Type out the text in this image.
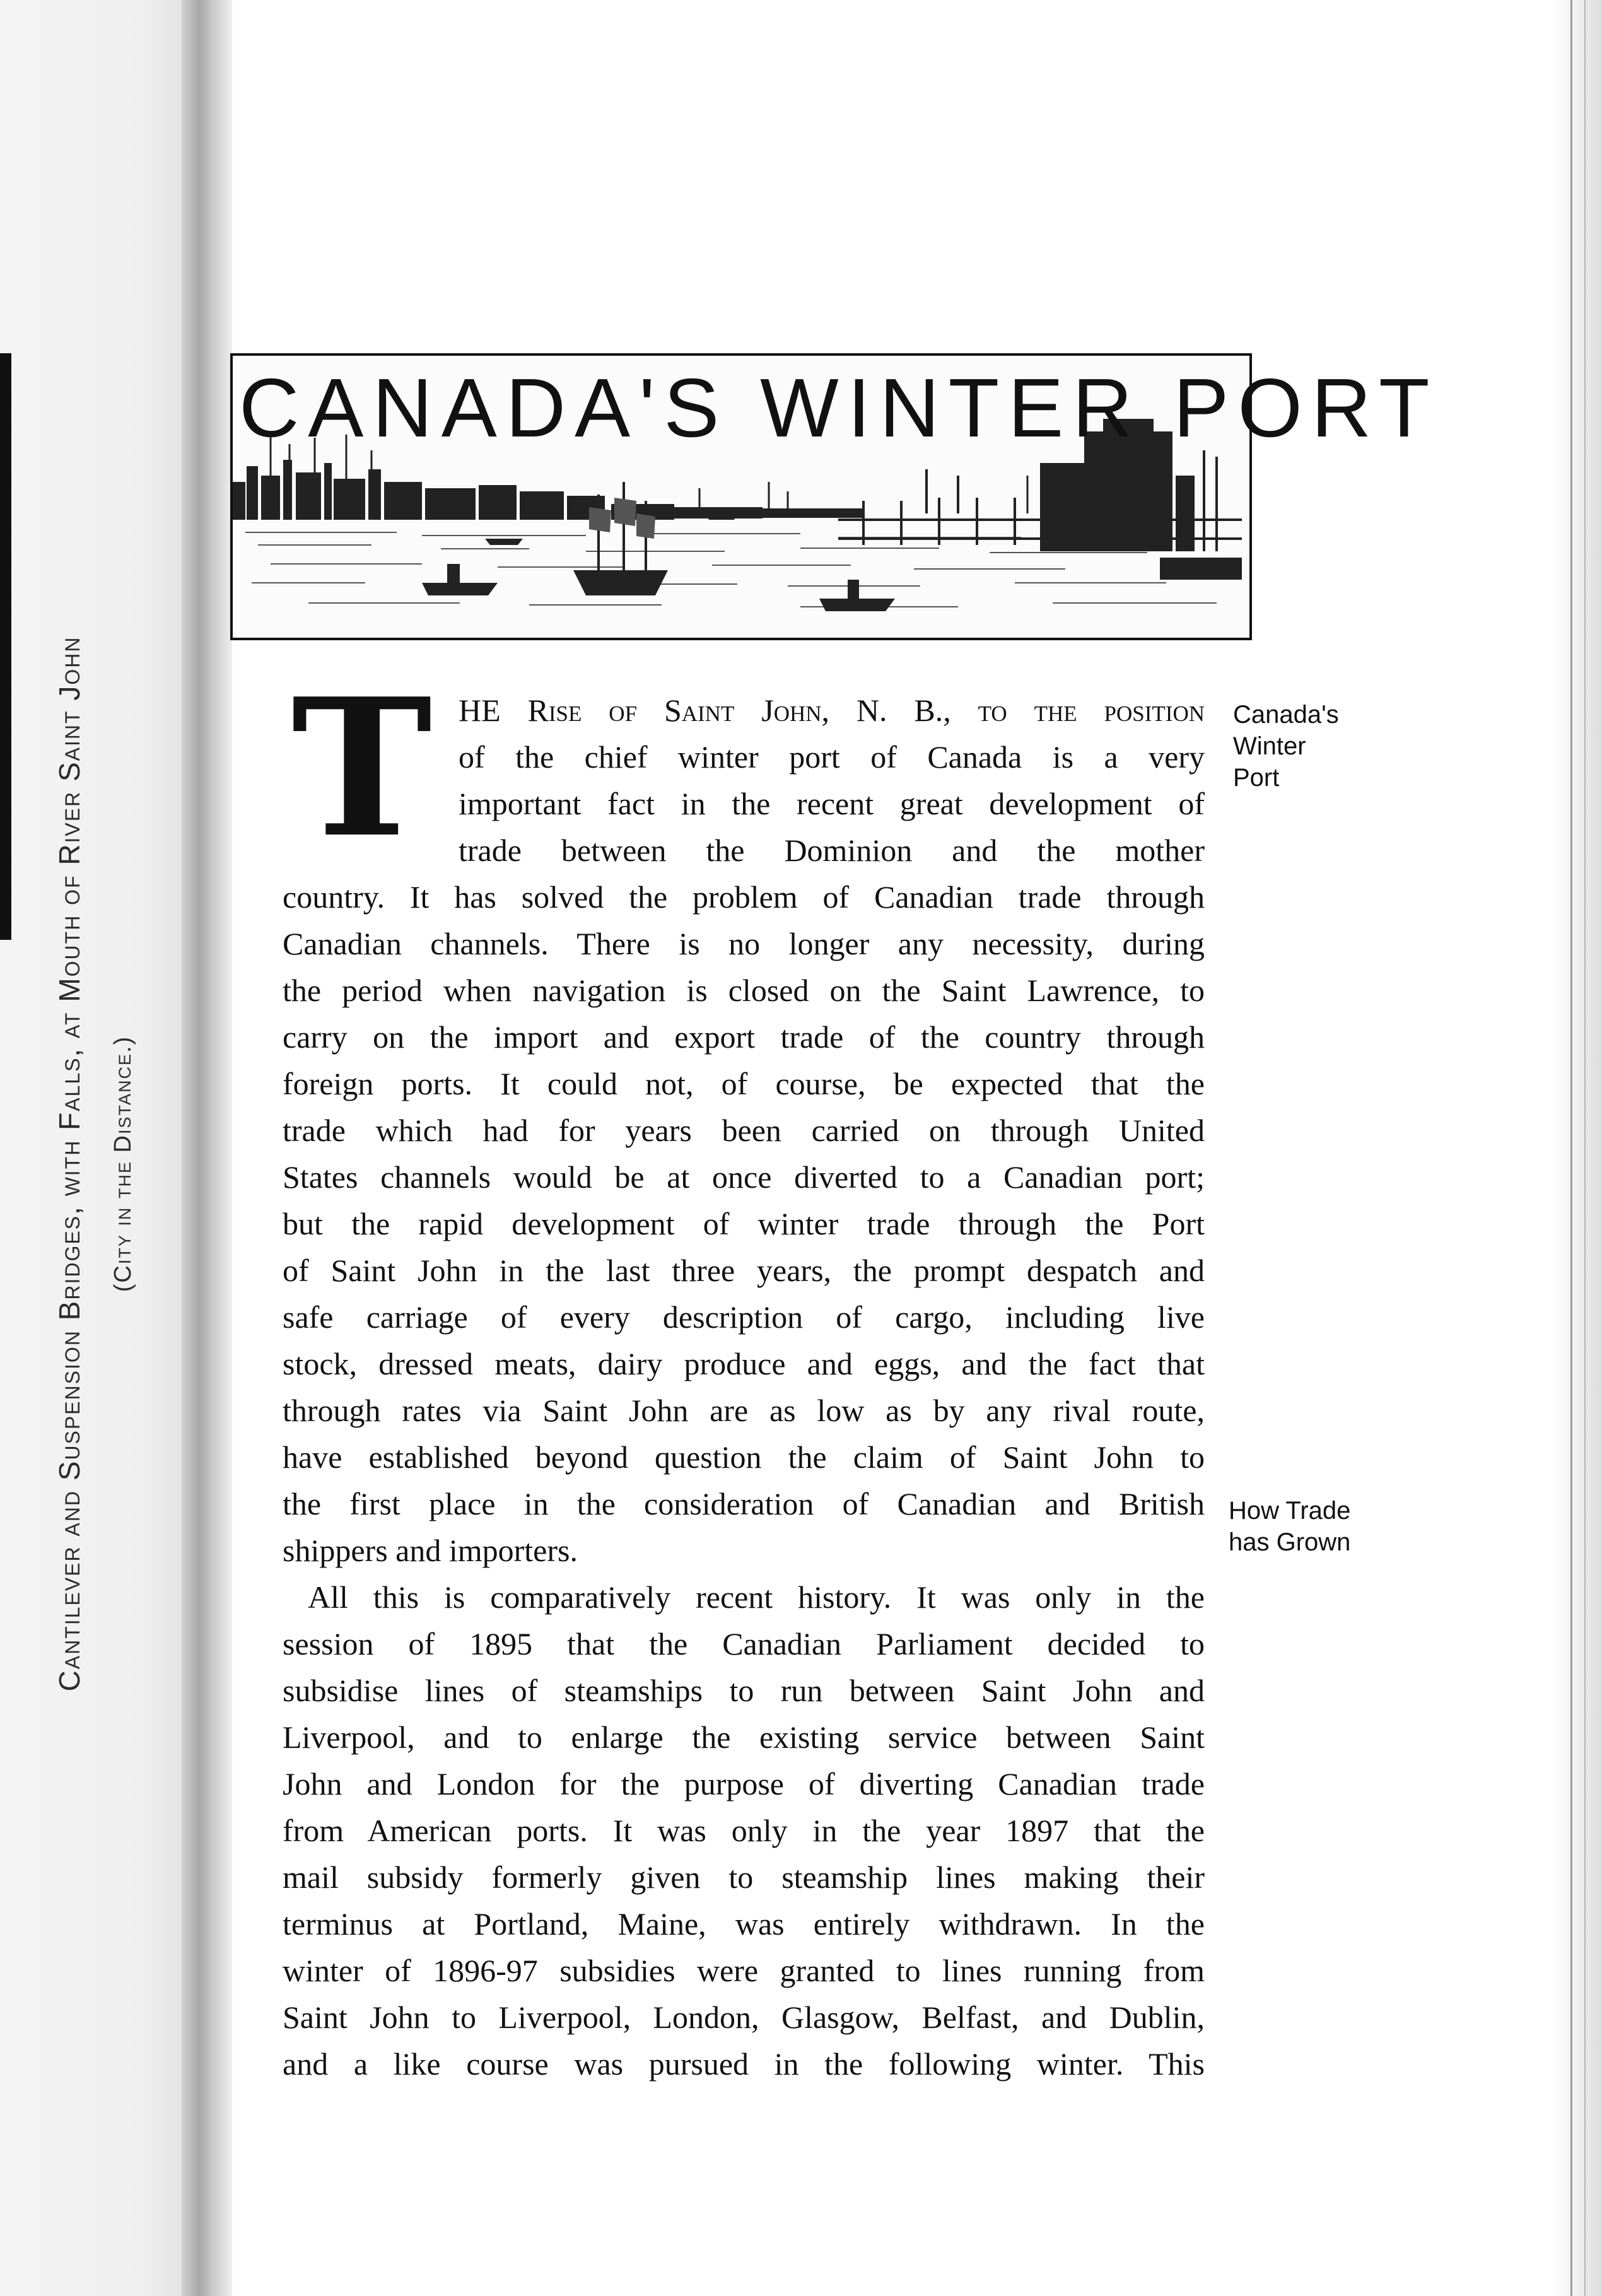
Cantilever and Suspension Bridges, with Falls, at Mouth of River Saint John	(City in the Distance.)
CANADA'S WINTER PORT
Canada's
Winter
Port
How Trade
has Grown
T HE Rise of Saint John, N. B., to the position
of the chief winter port of Canada is a very
important fact in the recent great development of
trade between the Dominion and the mother
country. It has solved the problem of Canadian trade through
Canadian channels. There is no longer any necessity, during
the period when navigation is closed on the Saint Lawrence, to
carry on the import and export trade of the country through
foreign ports. It could not, of course, be expected that the
trade which had for years been carried on through United
States channels would be at once diverted to a Canadian port;
but the rapid development of winter trade through the Port
of Saint John in the last three years, the prompt despatch and
safe carriage of every description of cargo, including live
stock, dressed meats, dairy produce and eggs, and the fact that
through rates via Saint John are as low as by any rival route,
have established beyond question the claim of Saint John to
the first place in the consideration of Canadian and British
shippers and importers.
All this is comparatively recent history. It was only in the
session of 1895 that the Canadian Parliament decided to
subsidise lines of steamships to run between Saint John and
Liverpool, and to enlarge the existing service between Saint
John and London for the purpose of diverting Canadian trade
from American ports. It was only in the year 1897 that the
mail subsidy formerly given to steamship lines making their
terminus at Portland, Maine, was entirely withdrawn. In the
winter of 1896-97 subsidies were granted to lines running from
Saint John to Liverpool, London, Glasgow, Belfast, and Dublin,
and a like course was pursued in the following winter. This
